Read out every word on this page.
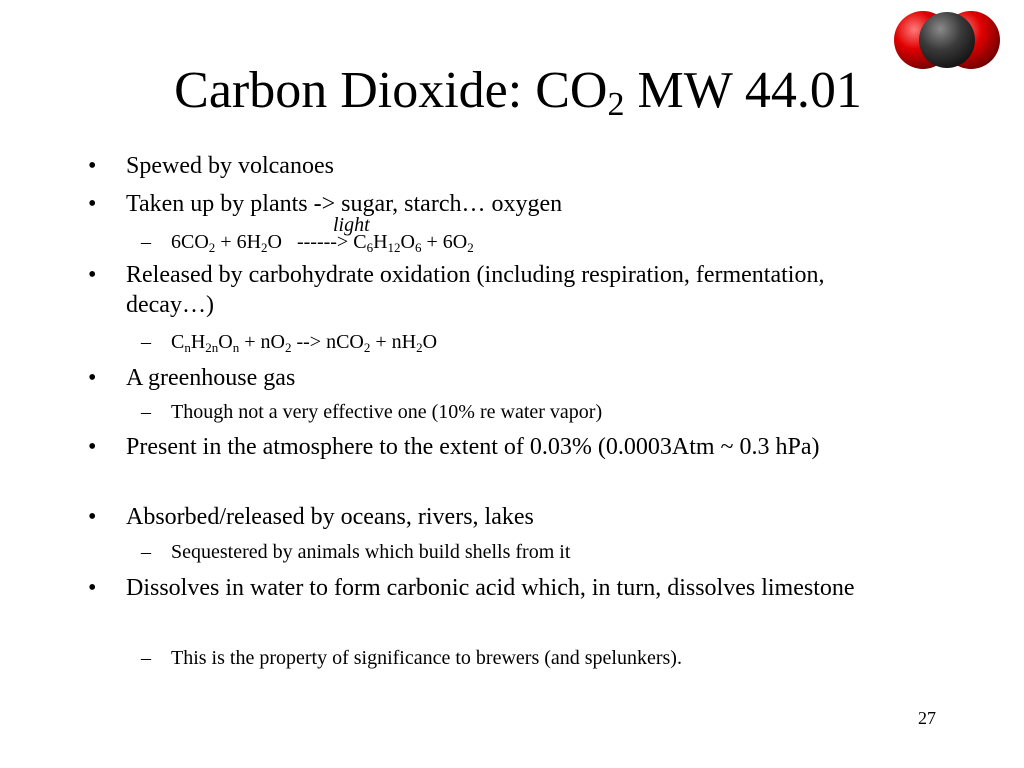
Carbon Dioxide: $CO_2$ MW 44.01
• Spewed by volcanoes
• Taken up by plants -> sugar, starch… oxygen
light
– $6CO_2 + 6H_2O$   ------> $C_6H_{12}O_6 + 6O_2$
• Released by carbohydrate oxidation (including respiration, fermentation, decay…)
– $C_nH_{2n}O_n + nO_2$ --> $nCO_2 + nH_2O$
• A greenhouse gas
– Though not a very effective one (10% re water vapor)
• Present in the atmosphere to the extent of 0.03% (0.0003Atm ~ 0.3 hPa)
• Absorbed/released by oceans, rivers, lakes
– Sequestered by animals which build shells from it
• Dissolves in water to form carbonic acid which, in turn, dissolves limestone
– This is the property of significance to brewers (and spelunkers).
27
